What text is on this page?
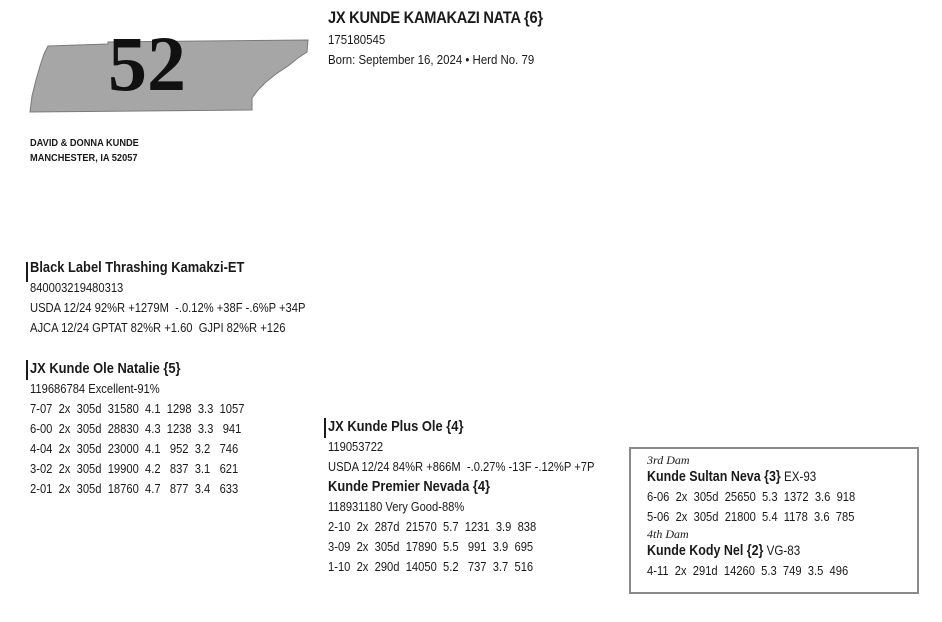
52
JX KUNDE KAMAKAZI NATA {6}
175180545
Born: September 16, 2024 • Herd No. 79
DAVID & DONNA KUNDE
MANCHESTER, IA 52057
Black Label Thrashing Kamakzi-ET
840003219480313
USDA 12/24 92%R +1279M  -.0.12% +38F -.6%P +34P
AJCA 12/24 GPTAT 82%R +1.60  GJPI 82%R +126
JX Kunde Ole Natalie {5}
119686784 Excellent-91%
7-07  2x  305d  31580  4.1  1298  3.3  1057
6-00  2x  305d  28830  4.3  1238  3.3   941
4-04  2x  305d  23000  4.1   952  3.2   746
3-02  2x  305d  19900  4.2   837  3.1   621
2-01  2x  305d  18760  4.7   877  3.4   633
JX Kunde Plus Ole {4}
119053722
USDA 12/24 84%R +866M  -.0.27% -13F -.12%P +7P
Kunde Premier Nevada {4}
118931180 Very Good-88%
2-10  2x  287d  21570  5.7  1231  3.9  838
3-09  2x  305d  17890  5.5   991  3.9  695
1-10  2x  290d  14050  5.2   737  3.7  516
3rd Dam
Kunde Sultan Neva {3} EX-93
6-06  2x  305d  25650  5.3  1372  3.6  918
5-06  2x  305d  21800  5.4  1178  3.6  785
4th Dam
Kunde Kody Nel {2} VG-83
4-11  2x  291d  14260  5.3  749  3.5  496
